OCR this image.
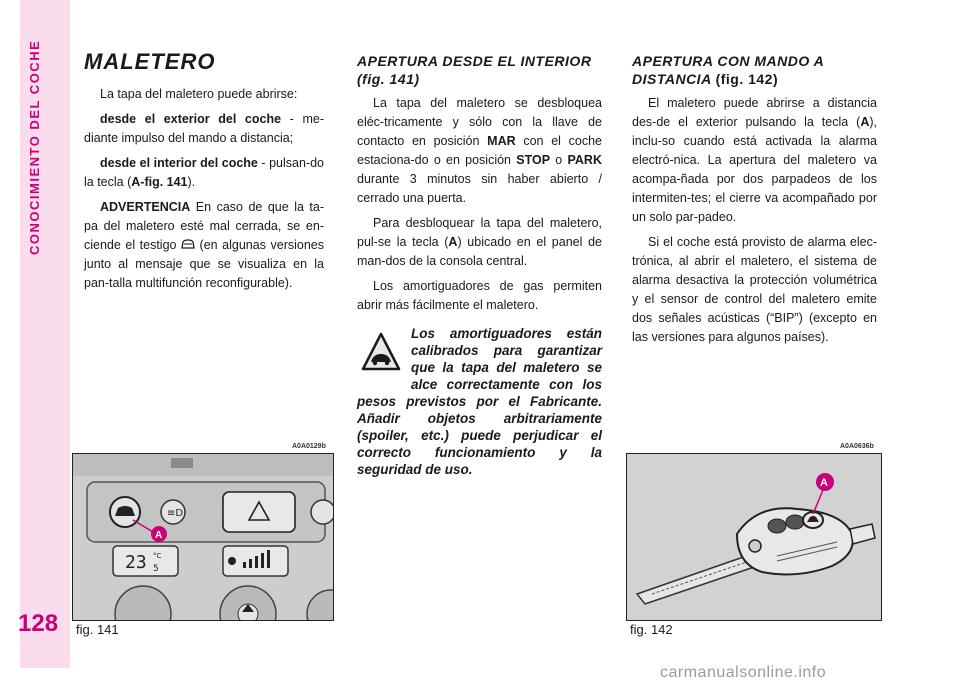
CONOCIMIENTO DEL COCHE
128
MALETERO

La tapa del maletero puede abrirse:

desde el exterior del coche - me-diante impulso del mando a distancia;

desde el interior del coche - pulsan-do la tecla (A-fig. 141).

ADVERTENCIA En caso de que la ta-pa del maletero esté mal cerrada, se en-ciende el testigo  (en algunas versiones junto al mensaje que se visualiza en la pan-talla multifunción reconfigurable).

APERTURA DESDE EL INTERIOR
(fig. 141)

La tapa del maletero se desbloquea eléc-tricamente y sólo con la llave de contacto en posición MAR con el coche estaciona-do o en posición STOP o PARK durante 3 minutos sin haber abierto / cerrado una puerta.

Para desbloquear la tapa del maletero, pul-se la tecla (A) ubicado en el panel de man-dos de la consola central.

Los amortiguadores de gas permiten abrir más fácilmente el maletero.

Los amortiguadores están calibrados para garantizar que la tapa del maletero se alce correctamente con los pesos previstos por el Fabricante. Añadir objetos arbitrariamente (spoiler, etc.) puede perjudicar el correcto funcionamiento y la seguridad de uso.
APERTURA CON MANDO A DISTANCIA (fig. 142)

El maletero puede abrirse a distancia des-de el exterior pulsando la tecla (A), inclu-so cuando está activada la alarma electró-nica. La apertura del maletero va acompa-ñada por dos parpadeos de los intermiten-tes; el cierre va acompañado por un solo par-padeo.

Si el coche está provisto de alarma elec-trónica, al abrir el maletero, el sistema de alarma desactiva la protección volumétrica y el sensor de control del maletero emite dos señales acústicas (“BIP”) (excepto en las versiones para algunos países).

A0A0129b
≡D
23 °C
5
A
fig. 141
A0A0636b
A
fig. 142
carmanualsonline.info
